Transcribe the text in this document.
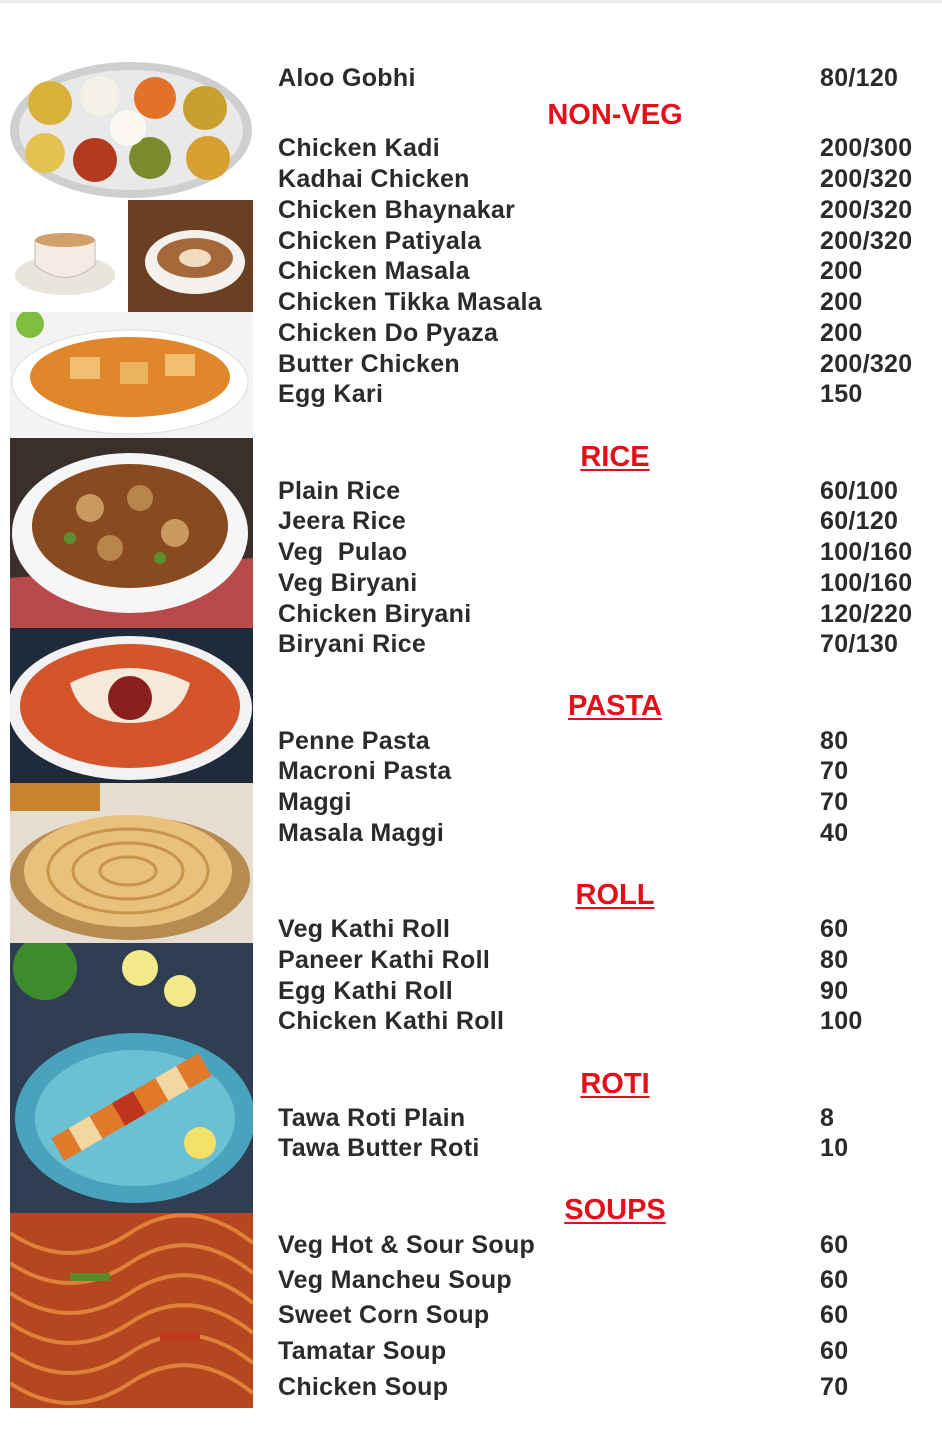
Aloo Gobhi	80/120
NON-VEG
Chicken Kadi	200/300
Kadhai Chicken	200/320
Chicken Bhaynakar	200/320
Chicken Patiyala	200/320
Chicken Masala	200
Chicken Tikka Masala	200
Chicken Do Pyaza	200
Butter Chicken	200/320
Egg Kari	150
RICE
Plain Rice	60/100
Jeera Rice	60/120
Veg  Pulao	100/160
Veg Biryani	100/160
Chicken Biryani	120/220
Biryani Rice	70/130
PASTA
Penne Pasta	80
Macroni Pasta	70
Maggi	70
Masala Maggi	40
ROLL
Veg Kathi Roll	60
Paneer Kathi Roll	80
Egg Kathi Roll	90
Chicken Kathi Roll	100
ROTI
Tawa Roti Plain	8
Tawa Butter Roti	10
SOUPS
Veg Hot & Sour Soup	60
Veg Mancheu Soup	60
Sweet Corn Soup	60
Tamatar Soup	60
Chicken Soup	70
